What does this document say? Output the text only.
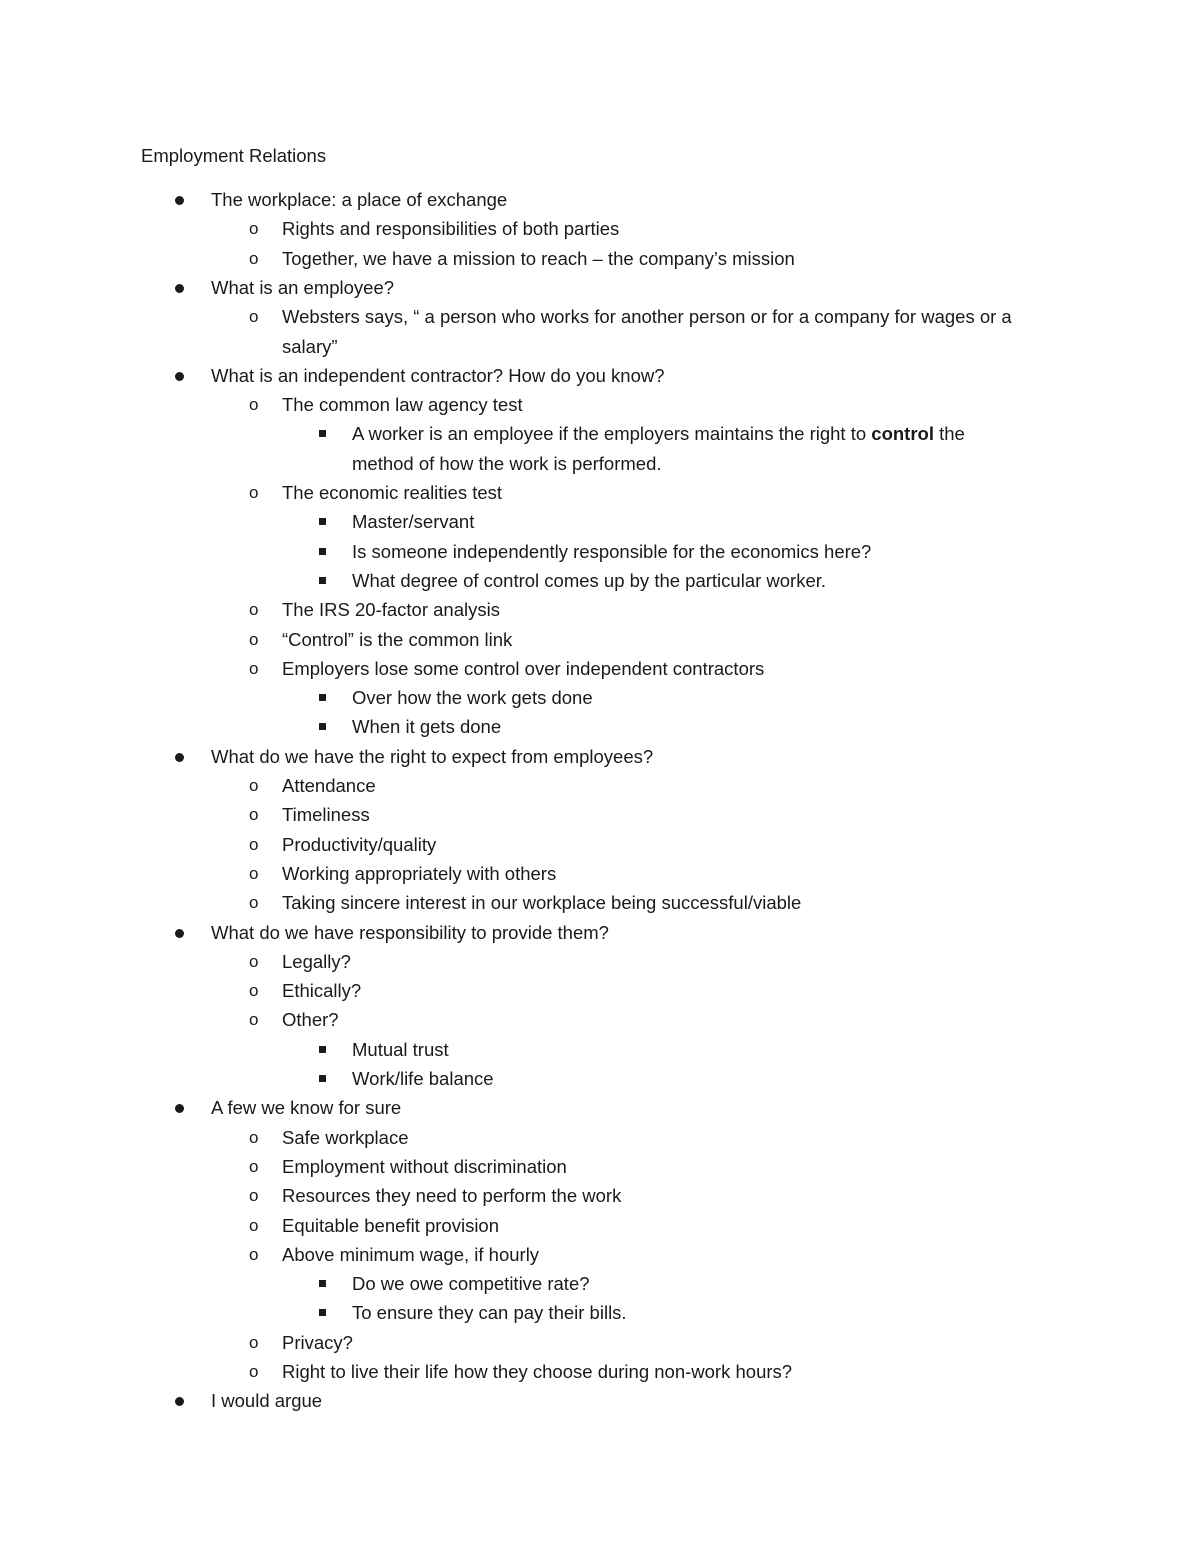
Employment Relations
The workplace: a place of exchange
o Rights and responsibilities of both parties
o Together, we have a mission to reach – the company’s mission
What is an employee?
o Websters says, “ a person who works for another person or for a company for wages or a
salary”
What is an independent contractor? How do you know?
o The common law agency test
A worker is an employee if the employers maintains the right to control the
method of how the work is performed.
o The economic realities test
Master/servant
Is someone independently responsible for the economics here?
What degree of control comes up by the particular worker.
o The IRS 20-factor analysis
o “Control” is the common link
o Employers lose some control over independent contractors
Over how the work gets done
When it gets done
What do we have the right to expect from employees?
o Attendance
o Timeliness
o Productivity/quality
o Working appropriately with others
o Taking sincere interest in our workplace being successful/viable
What do we have responsibility to provide them?
o Legally?
o Ethically?
o Other?
Mutual trust
Work/life balance
A few we know for sure
o Safe workplace
o Employment without discrimination
o Resources they need to perform the work
o Equitable benefit provision
o Above minimum wage, if hourly
Do we owe competitive rate?
To ensure they can pay their bills.
o Privacy?
o Right to live their life how they choose during non-work hours?
I would argue
